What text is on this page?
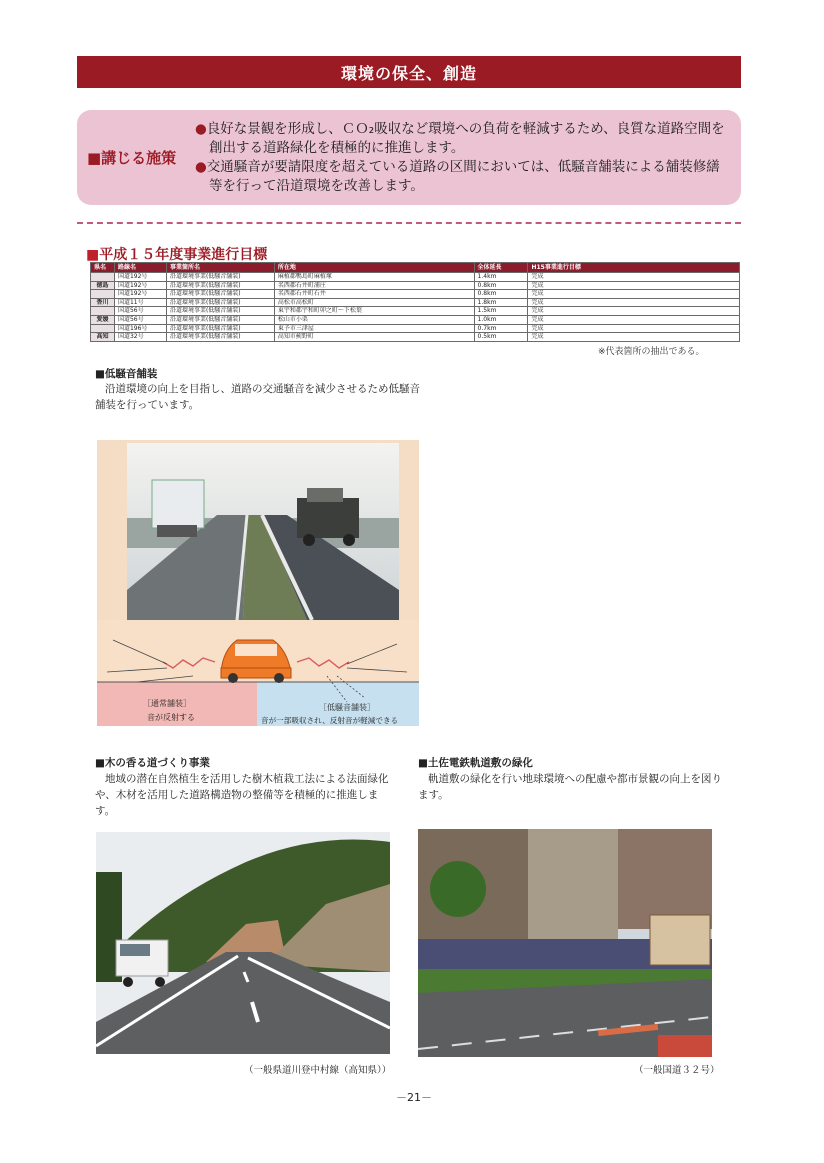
環境の保全、創造
■講じる施策
● 良好な景観を形成し、ＣＯ₂吸収など環境への負荷を軽減するため、良質な道路空間を創出する道路緑化を積極的に推進します。
● 交通騒音が要請限度を超えている道路の区間においては、低騒音舗装による舗装修繕等を行って沿道環境を改善します。
■平成１５年度事業進行目標
県名	路線名	事業箇所名	所在地	全体延長	H15事業進行目標
	国道192号	沿道環境事業(低騒音舗装)	麻植郡鴨島町麻植塚	1.4km	完成
徳島	国道192号	沿道環境事業(低騒音舗装)	名西郡石井町浦庄	0.8km	完成
	国道192号	沿道環境事業(低騒音舗装)	名西郡石井町石井	0.8km	完成
香川	国道11号	沿道環境事業(低騒音舗装)	高松市高松町	1.8km	完成
	国道56号	沿道環境事業(低騒音舗装)	東宇和郡宇和町卯之町～下松葉	1.5km	完成
愛媛	国道56号	沿道環境事業(低騒音舗装)	松山市小栗	1.0km	完成
	国道196号	沿道環境事業(低騒音舗装)	東予市三津屋	0.7km	完成
高知	国道32号	沿道環境事業(低騒音舗装)	高知市薊野町	0.5km	完成
※代表箇所の抽出である。
■低騒音舗装
沿道環境の向上を目指し、道路の交通騒音を減少させるため低騒音舗装を行っています。
［通常舗装］
音が反射する
［低騒音舗装］
音が一部吸収され、反射音が軽減できる
■木の香る道づくり事業
地域の潜在自然植生を活用した樹木植栽工法による法面緑化や、木材を活用した道路構造物の整備等を積極的に推進します。
（一般県道川登中村線（高知県））
■土佐電鉄軌道敷の緑化
軌道敷の緑化を行い地球環境への配慮や都市景観の向上を図ります。
（一般国道３２号）
－21－
